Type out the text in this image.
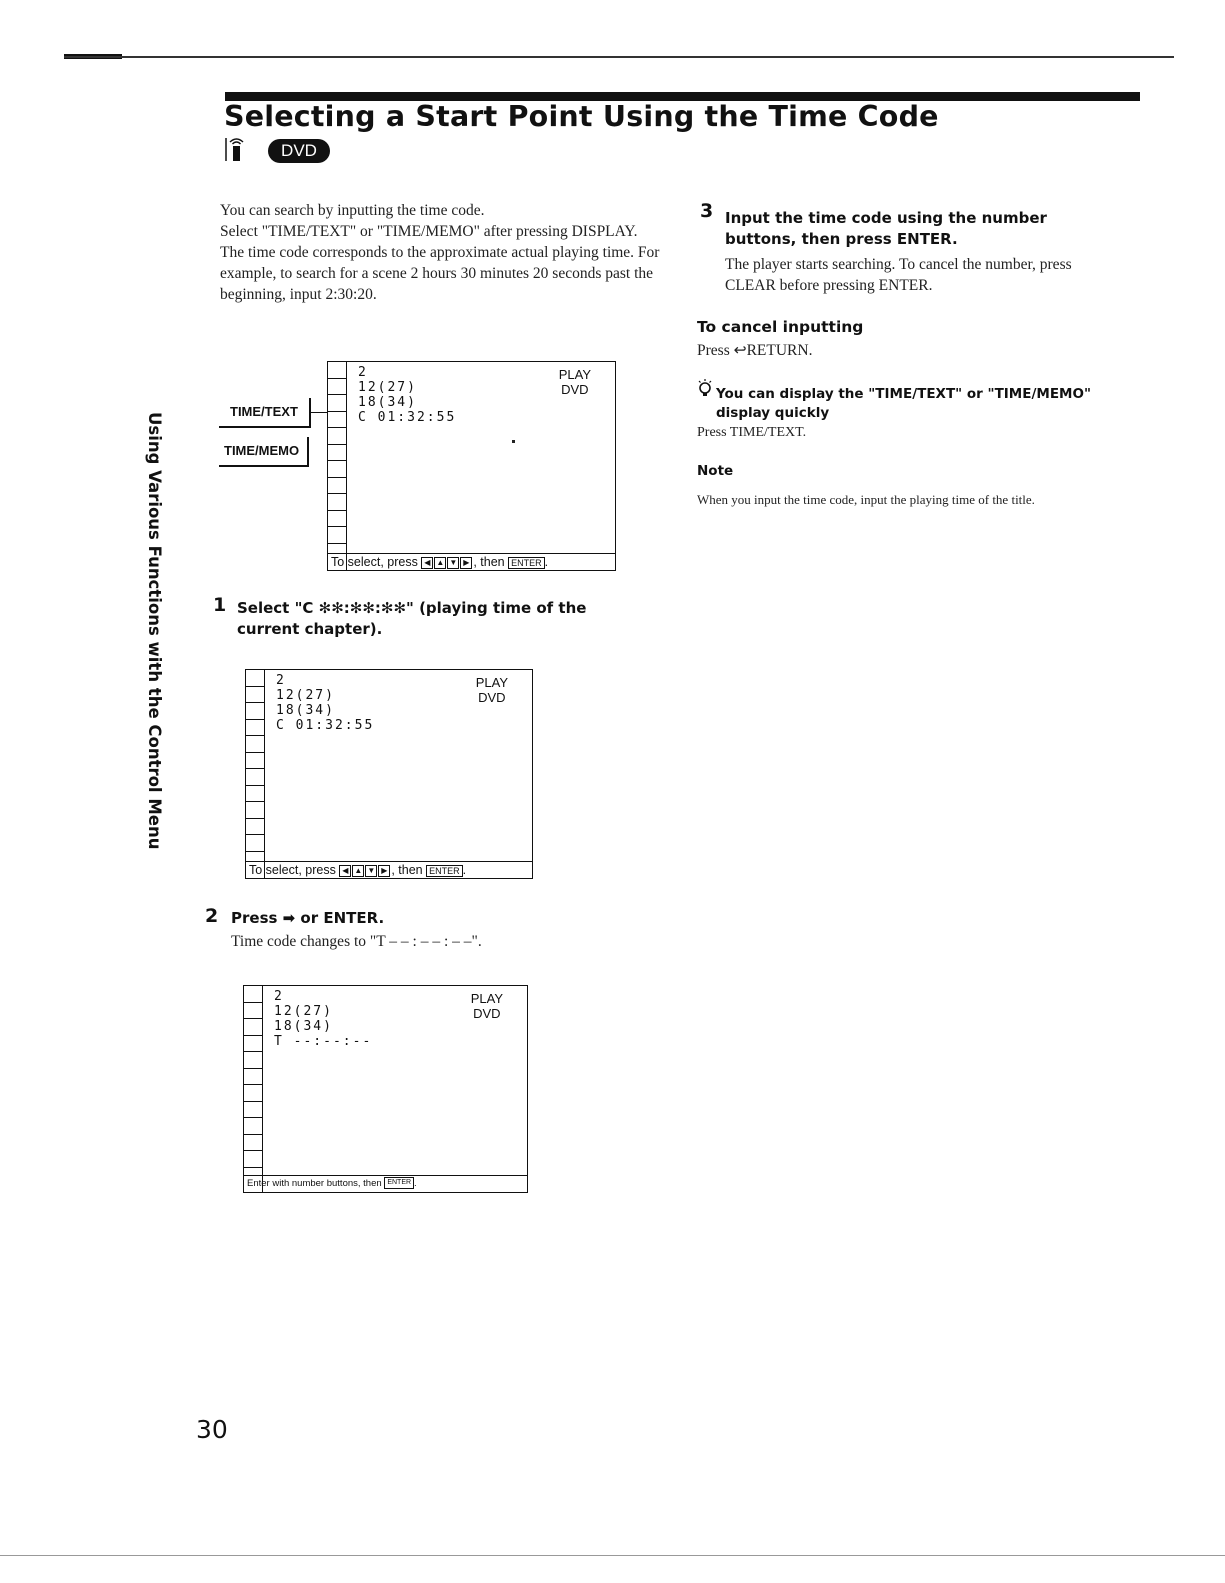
Selecting a Start Point Using the Time Code
DVD

You can search by inputting the time code.

Select "TIME/TEXT" or "TIME/MEMO" after pressing DISPLAY.

The time code corresponds to the approximate actual playing time. For example, to search for a scene 2 hours 30 minutes 20 seconds past the beginning, input 2:30:20.

TIME/TEXT
TIME/MEMO
2
12(27)
18(34)
C 01:32:55
PLAY
DVD
To select, press ◀ ▲ ▼ ▶ , then ENTER .
1 Select "C ✻✻:✻✻:✻✻" (playing time of the current chapter).

2
12(27)
18(34)
C 01:32:55
PLAY
DVD
To select, press ◀ ▲ ▼ ▶ , then ENTER .
2 Press ➡ or ENTER.

Time code changes to "T – – : – – : – –".

2
12(27)
18(34)
T --:--:--
PLAY
DVD
Enter with number buttons, then ENTER .
3 Input the time code using the number buttons, then press ENTER.

The player starts searching. To cancel the number, press CLEAR before pressing ENTER.

To cancel inputting

Press ↩RETURN.

You can display the "TIME/TEXT" or "TIME/MEMO" display quickly

Press TIME/TEXT.

Note

When you input the time code, input the playing time of the title.

Using Various Functions with the Control Menu
30
